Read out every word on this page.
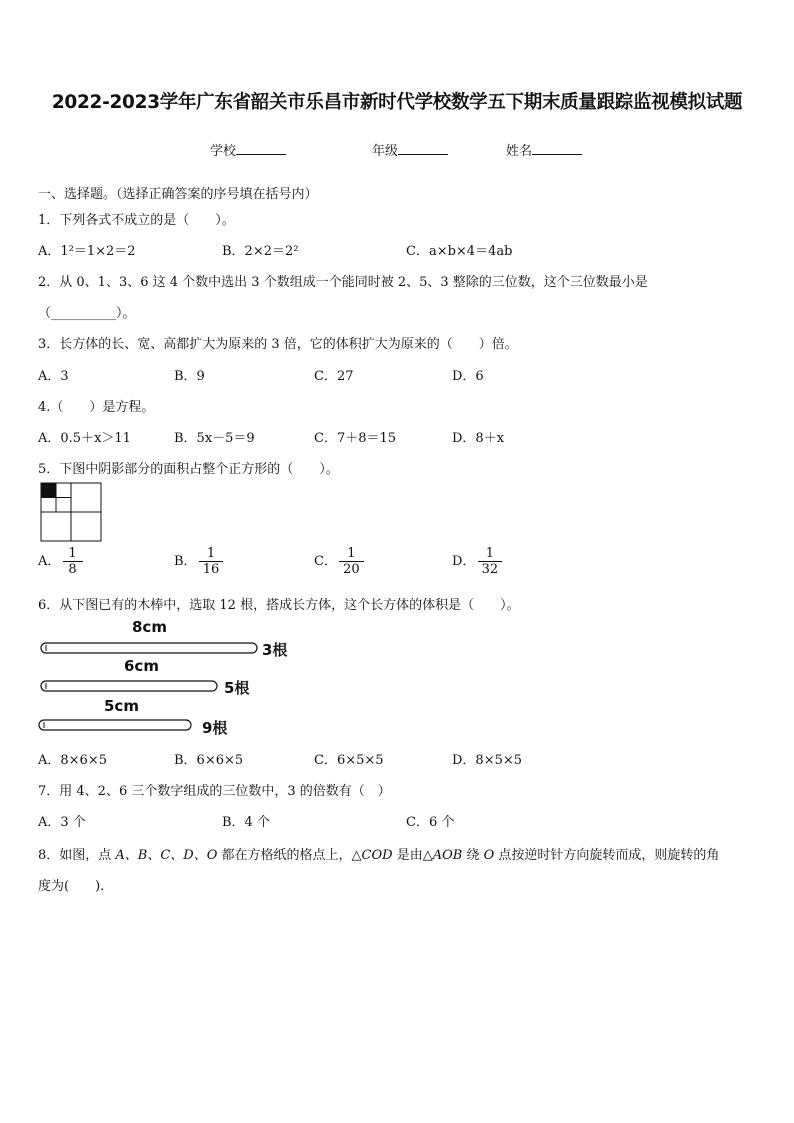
2022-2023学年广东省韶关市乐昌市新时代学校数学五下期末质量跟踪监视模拟试题
学校	年级	姓名
一、选择题。（选择正确答案的序号填在括号内）
1．下列各式不成立的是（　　）。
A．1²＝1×2＝2	B．2×2＝2²	C．a×b×4＝4ab
2．从 0、1、3、6 这 4 个数中选出 3 个数组成一个能同时被 2、5、3 整除的三位数，这个三位数最小是
（__________）。
3．长方体的长、宽、高都扩大为原来的 3 倍，它的体积扩大为原来的（　　）倍。
A．3	B．9	C．27	D．6
4.（　　）是方程。
A．0.5＋x＞11	B．5x－5＝9	C．7＋8＝15	D．8＋x
5．下图中阴影部分的面积占整个正方形的（　　）。
A． $\frac{1}{8}$	B． $\frac{1}{16}$	C． $\frac{1}{20}$	D． $\frac{1}{32}$
6．从下图已有的木棒中，选取 12 根，搭成长方体，这个长方体的体积是（　　）。
8cm
3根
6cm
5根
5cm
9根
A．8×6×5	B．6×6×5	C．6×5×5	D．8×5×5
7．用 4、2、6 三个数字组成的三位数中，3 的倍数有（　）
A．3 个	B．4 个	C．6 个
8．如图，点 A、B、C、D、O 都在方格纸的格点上，△COD 是由△AOB 绕 O 点按逆时针方向旋转而成，则旋转的角
度为(　　).
